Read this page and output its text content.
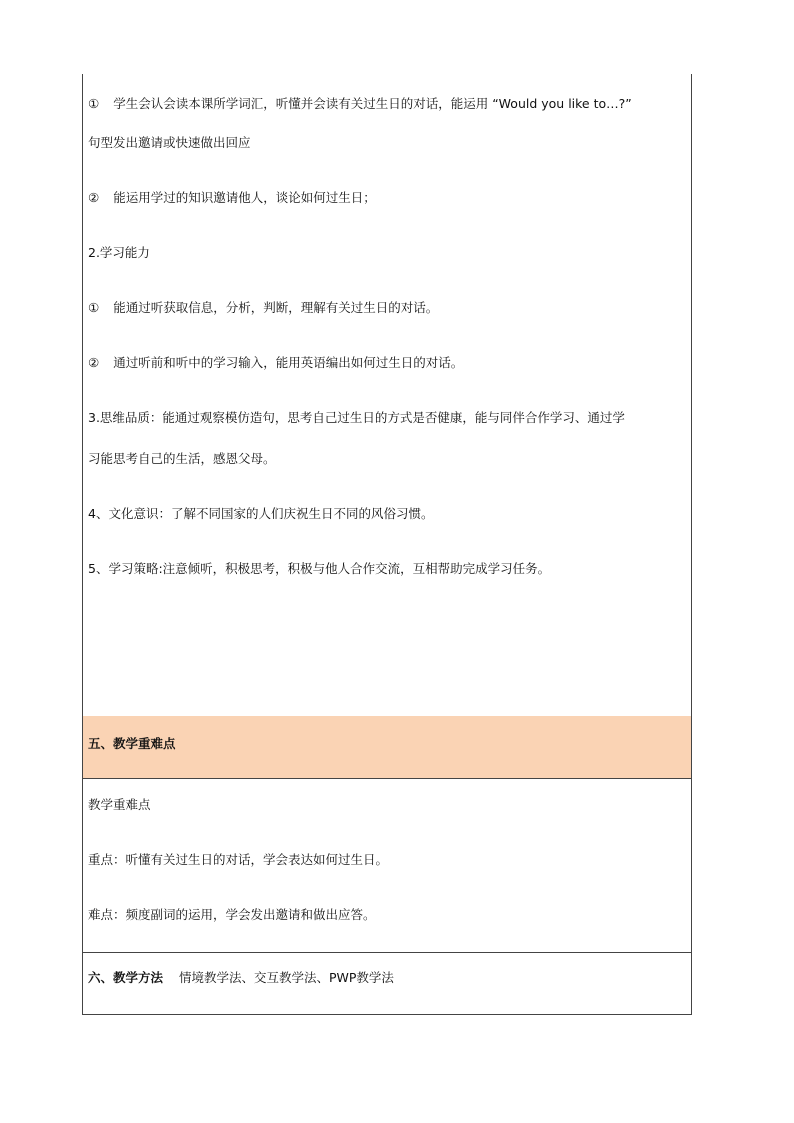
① 学生会认会读本课所学词汇，听懂并会读有关过生日的对话，能运用 “Would you like to…?”
句型发出邀请或快速做出回应
② 能运用学过的知识邀请他人，谈论如何过生日；
2.学习能力
① 能通过听获取信息，分析，判断，理解有关过生日的对话。
② 通过听前和听中的学习输入，能用英语编出如何过生日的对话。
3.思维品质：能通过观察模仿造句，思考自己过生日的方式是否健康，能与同伴合作学习、通过学
习能思考自己的生活，感恩父母。
4、文化意识：了解不同国家的人们庆祝生日不同的风俗习惯。
5、学习策略:注意倾听，积极思考，积极与他人合作交流，互相帮助完成学习任务。
五、教学重难点
教学重难点
重点：听懂有关过生日的对话，学会表达如何过生日。
难点：频度副词的运用，学会发出邀请和做出应答。
六、教学方法 情境教学法、交互教学法、PWP教学法
